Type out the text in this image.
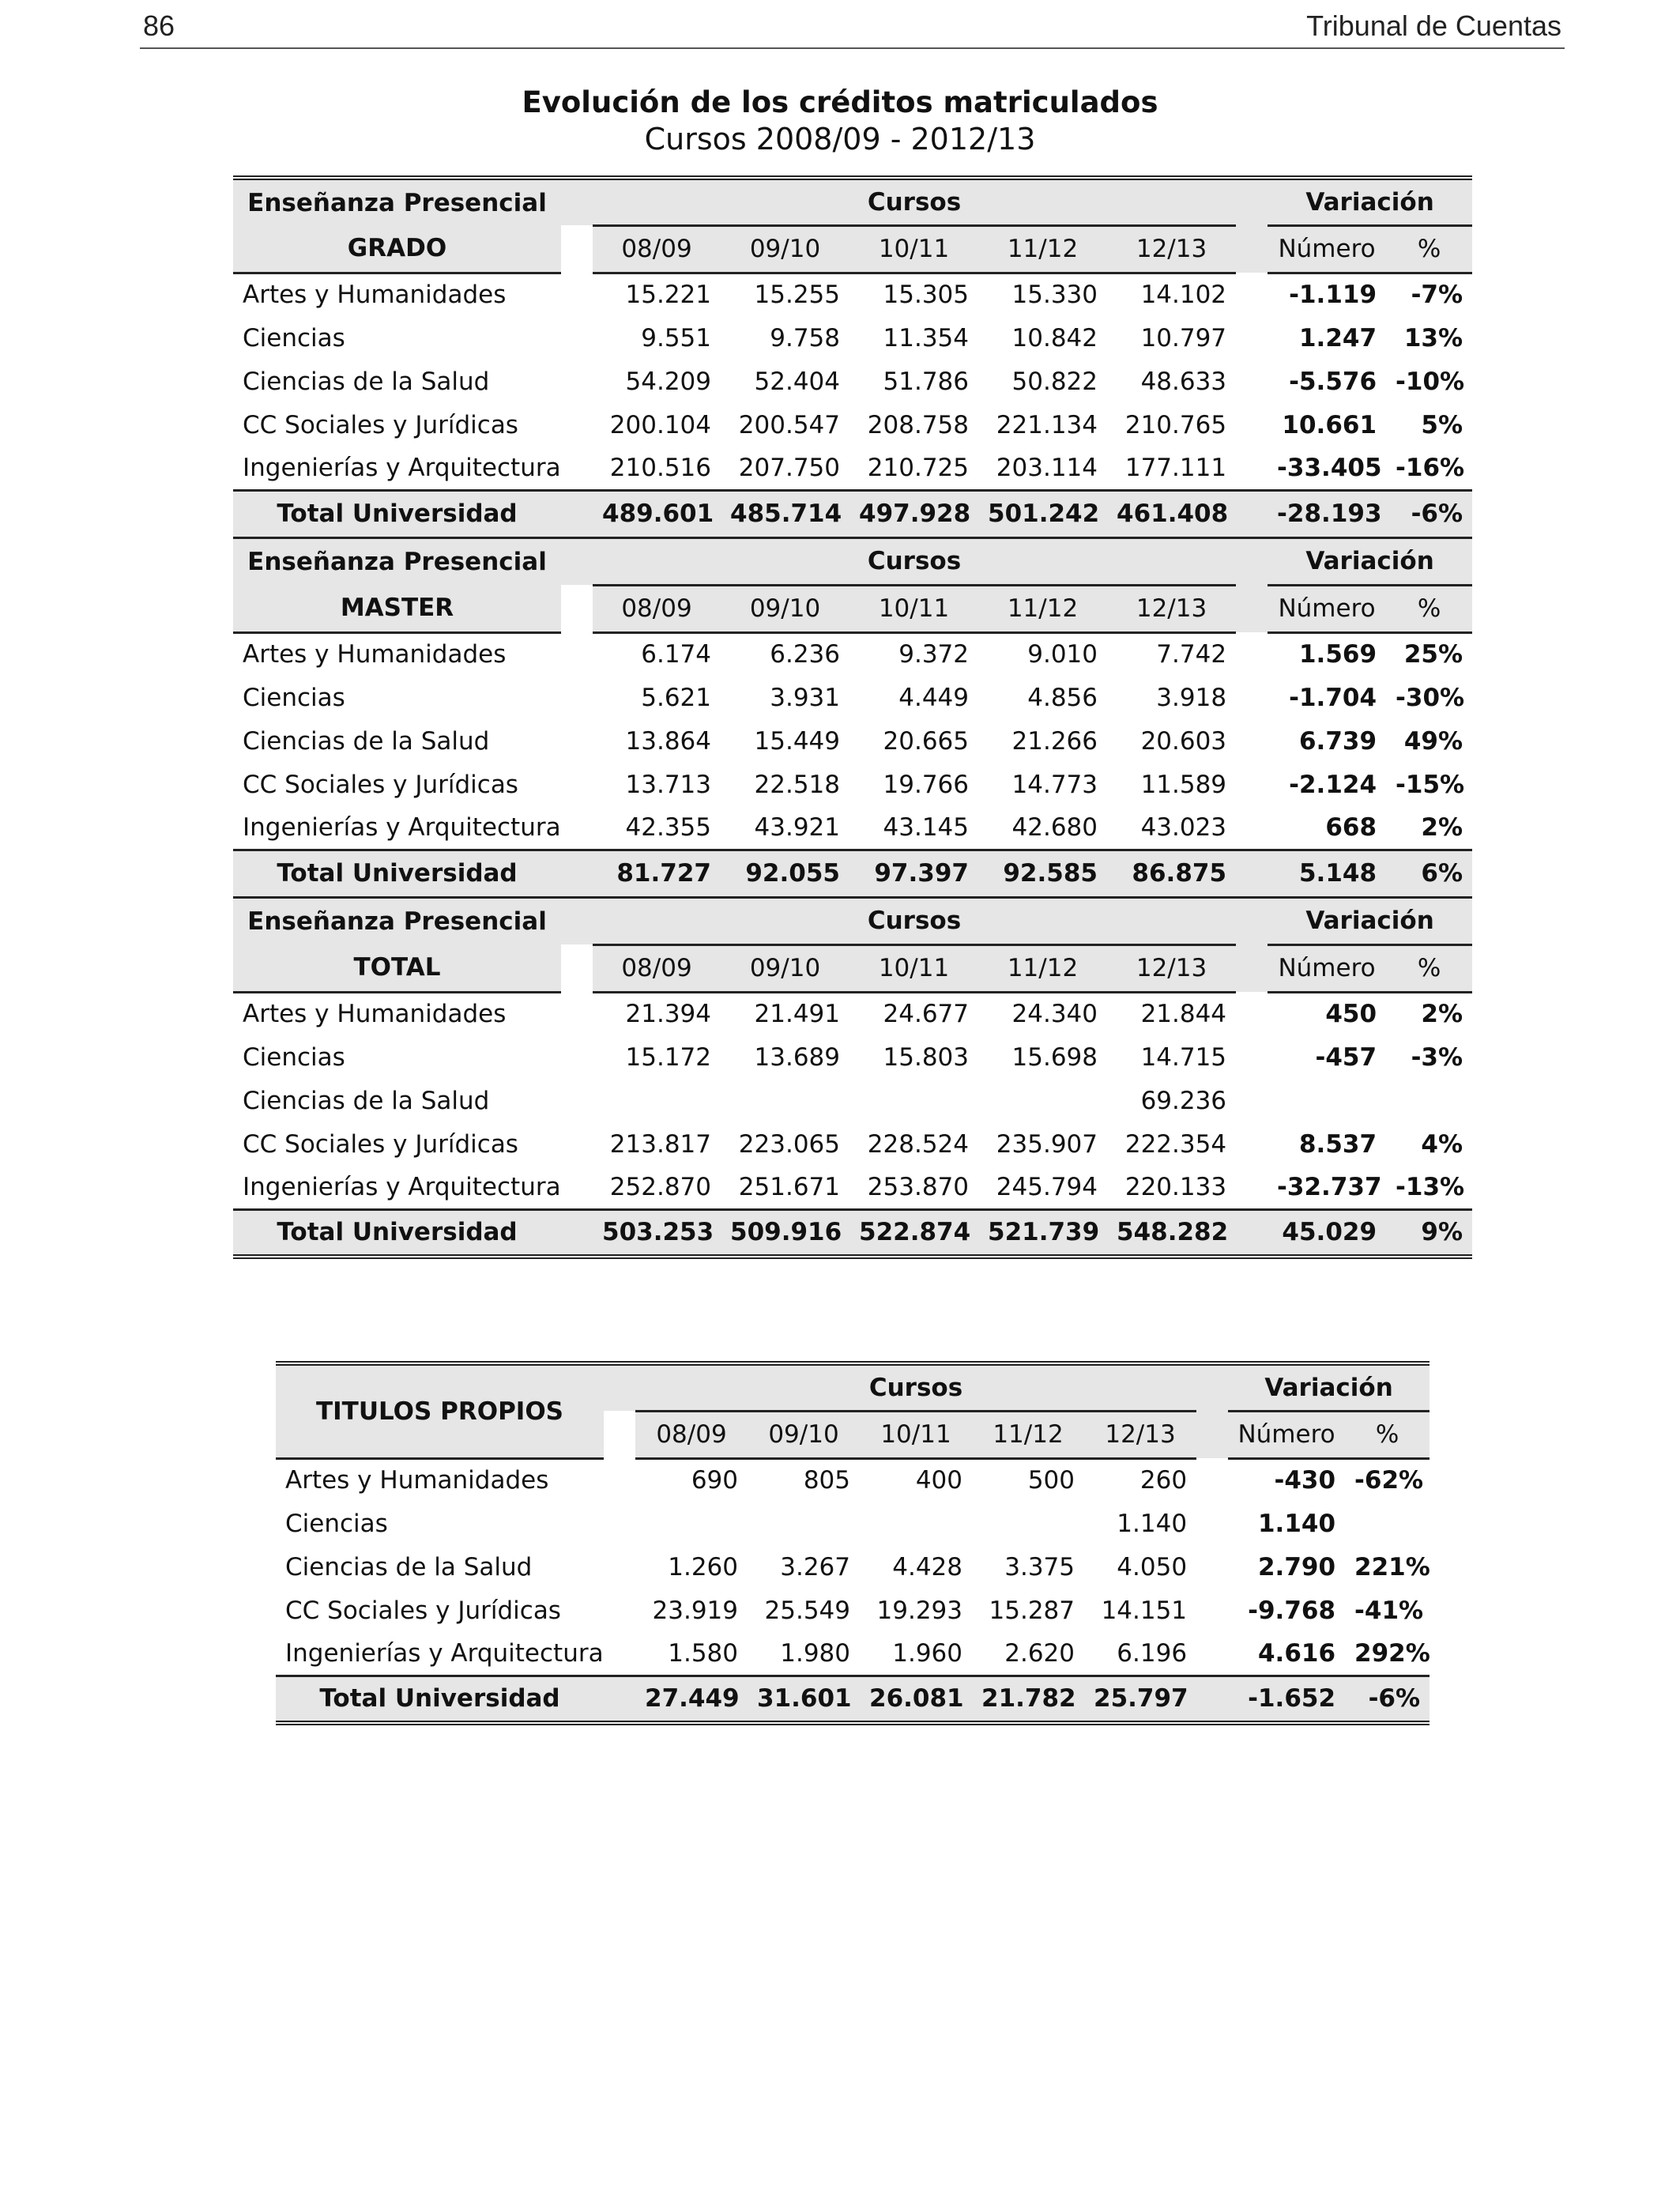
86	Tribunal de Cuentas
Evolución de los créditos matriculados
Cursos 2008/09 - 2012/13
Enseñanza Presencial		Cursos						Variación	
GRADO		08/09	09/10	10/11	11/12	12/13		Número	%
Artes y Humanidades		15.221	15.255	15.305	15.330	14.102		-1.119	-7%
Ciencias		9.551	9.758	11.354	10.842	10.797		1.247	13%
Ciencias de la Salud		54.209	52.404	51.786	50.822	48.633		-5.576	-10%
CC Sociales y Jurídicas		200.104	200.547	208.758	221.134	210.765		10.661	5%
Ingenierías y Arquitectura		210.516	207.750	210.725	203.114	177.111		-33.405	-16%
Total Universidad		489.601	485.714	497.928	501.242	461.408		-28.193	-6%
Enseñanza Presencial		Cursos						Variación	
MASTER		08/09	09/10	10/11	11/12	12/13		Número	%
Artes y Humanidades		6.174	6.236	9.372	9.010	7.742		1.569	25%
Ciencias		5.621	3.931	4.449	4.856	3.918		-1.704	-30%
Ciencias de la Salud		13.864	15.449	20.665	21.266	20.603		6.739	49%
CC Sociales y Jurídicas		13.713	22.518	19.766	14.773	11.589		-2.124	-15%
Ingenierías y Arquitectura		42.355	43.921	43.145	42.680	43.023		668	2%
Total Universidad		81.727	92.055	97.397	92.585	86.875		5.148	6%
Enseñanza Presencial		Cursos						Variación	
TOTAL		08/09	09/10	10/11	11/12	12/13		Número	%
Artes y Humanidades		21.394	21.491	24.677	24.340	21.844		450	2%
Ciencias		15.172	13.689	15.803	15.698	14.715		-457	-3%
Ciencias de la Salud						69.236			
CC Sociales y Jurídicas		213.817	223.065	228.524	235.907	222.354		8.537	4%
Ingenierías y Arquitectura		252.870	251.671	253.870	245.794	220.133		-32.737	-13%
Total Universidad		503.253	509.916	522.874	521.739	548.282		45.029	9%
TITULOS PROPIOS		Cursos						Variación	
		08/09	09/10	10/11	11/12	12/13		Número	%
Artes y Humanidades		690	805	400	500	260		-430	-62%
Ciencias						1.140		1.140	
Ciencias de la Salud		1.260	3.267	4.428	3.375	4.050		2.790	221%
CC Sociales y Jurídicas		23.919	25.549	19.293	15.287	14.151		-9.768	-41%
Ingenierías y Arquitectura		1.580	1.980	1.960	2.620	6.196		4.616	292%
Total Universidad		27.449	31.601	26.081	21.782	25.797		-1.652	-6%
